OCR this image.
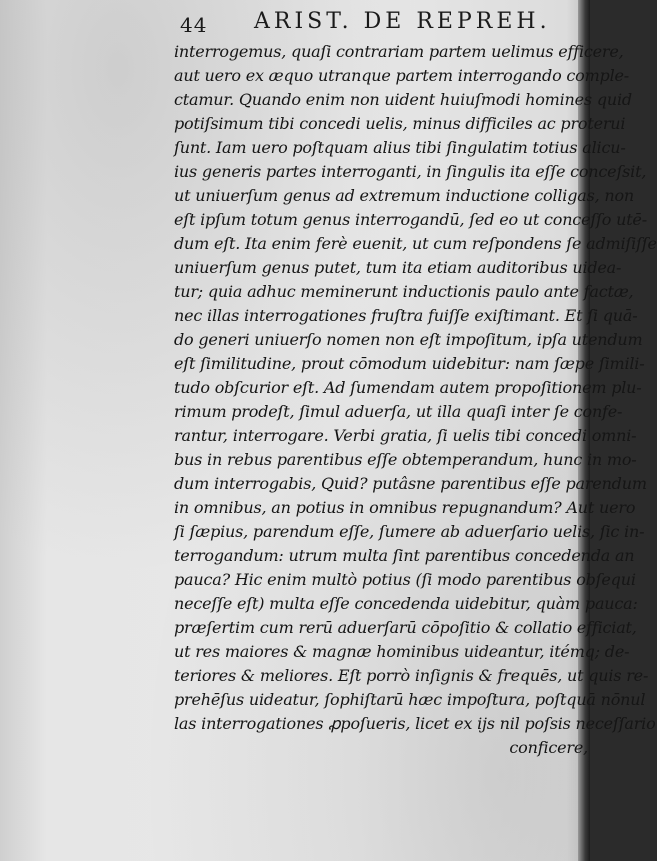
44 ARIST. DE REPREH.
interrogemus, quaſi contrariam partem uelimus efficere,
aut uero ex æquo utranque partem interrogando comple-
ctamur. Quando enim non uident huiuſmodi homines quid
potiſsimum tibi concedi uelis, minus difficiles ac proterui
ſunt. Iam uero poſtquam alius tibi ſingulatim totius alicu-
ius generis partes interroganti, in ſingulis ita eſſe conceſsit,
ut uniuerſum genus ad extremum inductione colligas, non
eſt ipſum totum genus interrogandū, ſed eo ut conceſſo utē-
dum eſt. Ita enim ferè euenit, ut cum reſpondens ſe admiſiſſe
uniuerſum genus putet, tum ita etiam auditoribus uidea-
tur; quia adhuc meminerunt inductionis paulo ante factæ,
nec illas interrogationes fruſtra fuiſſe exiſtimant. Et ſi quā-
do generi uniuerſo nomen non eſt impoſitum, ipſa utendum
eſt ſimilitudine, prout cōmodum uidebitur: nam ſæpe ſimili-
tudo obſcurior eſt. Ad ſumendam autem propoſitionem plu-
rimum prodeſt, ſimul aduerſa, ut illa quaſi inter ſe confe-
rantur, interrogare. Verbi gratia, ſi uelis tibi concedi omni-
bus in rebus parentibus eſſe obtemperandum, hunc in mo-
dum interrogabis, Quid? putâsne parentibus eſſe parendum
in omnibus, an potius in omnibus repugnandum? Aut uero
ſi ſæpius, parendum eſſe, ſumere ab aduerſario uelis, ſic in-
terrogandum: utrum multa ſint parentibus concedenda an
pauca? Hic enim multò potius (ſi modo parentibus obſequi
neceſſe eſt) multa eſſe concedenda uidebitur, quàm pauca:
præſertim cum rerū aduerſarū cōpoſitio & collatio efficiat,
ut res maiores & magnæ hominibus uideantur, itémq; de-
teriores & meliores. Eſt porrò inſignis & frequēs, ut quis re-
prehēſus uideatur, ſophiſtarū hæc impoſtura, poſtquā nōnul
las interrogationes ꝓpoſueris, licet ex ijs nil poſsis neceſſario
conficere,
